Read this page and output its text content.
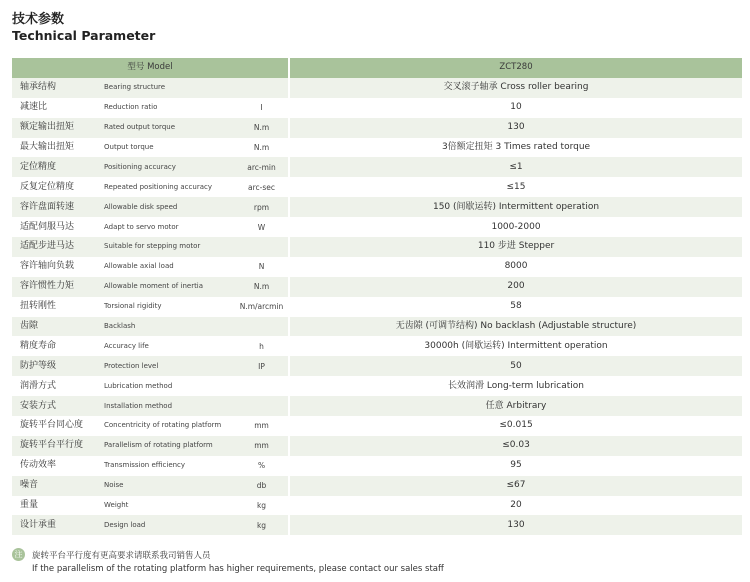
技术参数
Technical Parameter
型号 Model			ZCT280
轴承结构	Bearing structure		交叉滚子轴承 Cross roller bearing
减速比	Reduction ratio	I	10
额定输出扭矩	Rated output torque	N.m	130
最大输出扭矩	Output torque	N.m	3倍额定扭矩 3 Times rated torque
定位精度	Positioning accuracy	arc-min	≤1
反复定位精度	Repeated positioning accuracy	arc-sec	≤15
容许盘面转速	Allowable disk speed	rpm	150 (间歇运转) Intermittent operation
适配伺服马达	Adapt to servo motor	W	1000-2000
适配步进马达	Suitable for stepping motor		110 步进 Stepper
容许轴向负载	Allowable axial load	N	8000
容许惯性力矩	Allowable moment of inertia	N.m	200
扭转刚性	Torsional rigidity	N.m/arcmin	58
齿隙	Backlash		无齿隙 (可调节结构) No backlash (Adjustable structure)
精度寿命	Accuracy life	h	30000h (间歇运转) Intermittent operation
防护等级	Protection level	IP	50
润滑方式	Lubrication method		长效润滑 Long-term lubrication
安装方式	Installation method		任意 Arbitrary
旋转平台同心度	Concentricity of rotating platform	mm	≤0.015
旋转平台平行度	Parallelism of rotating platform	mm	≤0.03
传动效率	Transmission efficiency	%	95
噪音	Noise	db	≤67
重量	Weight	kg	20
设计承重	Design load	kg	130
注 旋转平台平行度有更高要求请联系我司销售人员
If the parallelism of the rotating platform has higher requirements, please contact our sales staff
